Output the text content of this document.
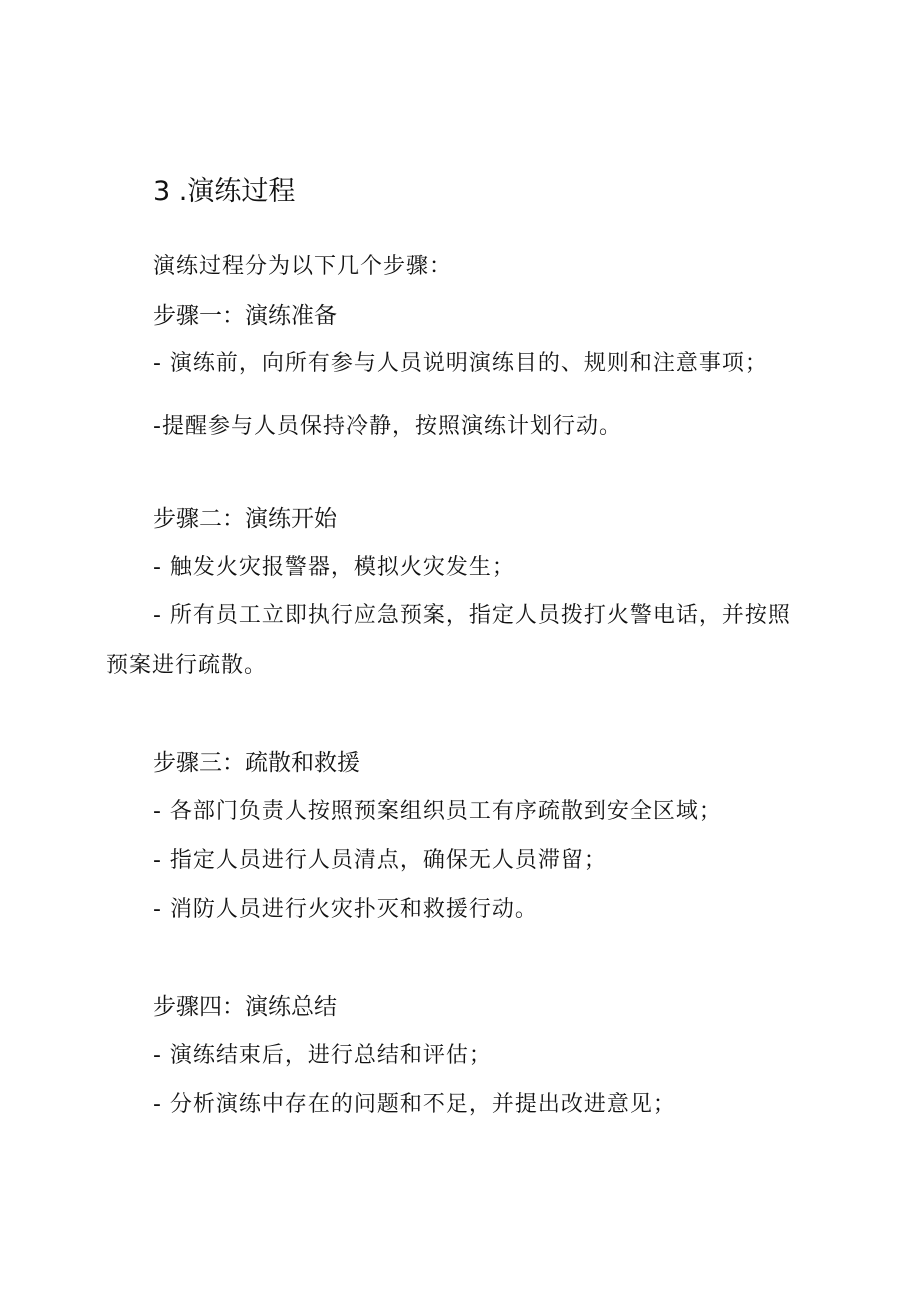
3 .演练过程

演练过程分为以下几个步骤：

步骤一：演练准备

- 演练前，向所有参与人员说明演练目的、规则和注意事项；

-提醒参与人员保持冷静，按照演练计划行动。

步骤二：演练开始

- 触发火灾报警器，模拟火灾发生；

- 所有员工立即执行应急预案，指定人员拨打火警电话，并按照

预案进行疏散。

步骤三：疏散和救援

- 各部门负责人按照预案组织员工有序疏散到安全区域；

- 指定人员进行人员清点，确保无人员滞留；

- 消防人员进行火灾扑灭和救援行动。

步骤四：演练总结

- 演练结束后，进行总结和评估；

- 分析演练中存在的问题和不足，并提出改进意见；
